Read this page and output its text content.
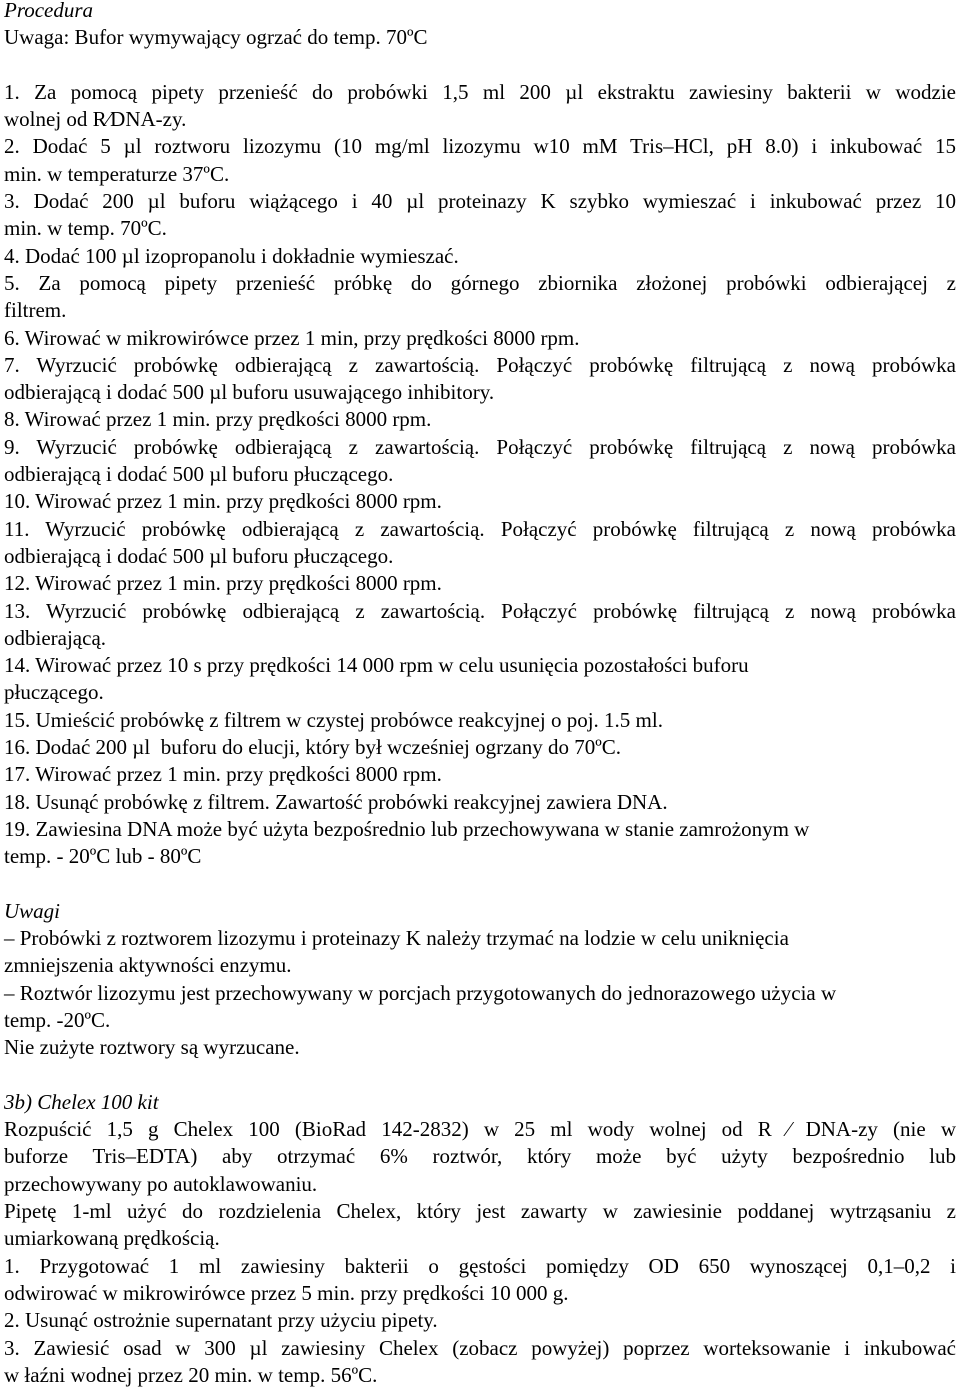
Procedura
Uwaga: Bufor wymywający ogrzać do temp. 70ºC
1. Za pomocą pipety przenieść do probówki 1,5 ml 200 µl ekstraktu zawiesiny bakterii w wodzie
wolnej od R⁄DNA-zy.
2. Dodać 5 µl roztworu lizozymu (10 mg/ml lizozymu w10 mM Tris–HCl, pH 8.0) i inkubować 15
min. w temperaturze 37ºC.
3. Dodać 200 µl buforu wiążącego i 40 µl proteinazy K szybko wymieszać i inkubować przez 10
min. w temp. 70ºC.
4. Dodać 100 µl izopropanolu i dokładnie wymieszać.
5. Za pomocą pipety przenieść próbkę do górnego zbiornika złożonej probówki odbierającej z
filtrem.
6. Wirować w mikrowirówce przez 1 min, przy prędkości 8000 rpm.
7. Wyrzucić probówkę odbierającą z zawartością. Połączyć probówkę filtrującą z nową probówka
odbierającą i dodać 500 µl buforu usuwającego inhibitory.
8. Wirować przez 1 min. przy prędkości 8000 rpm.
9. Wyrzucić probówkę odbierającą z zawartością. Połączyć probówkę filtrującą z nową probówka
odbierającą i dodać 500 µl buforu płuczącego.
10. Wirować przez 1 min. przy prędkości 8000 rpm.
11. Wyrzucić probówkę odbierającą z zawartością. Połączyć probówkę filtrującą z nową probówka
odbierającą i dodać 500 µl buforu płuczącego.
12. Wirować przez 1 min. przy prędkości 8000 rpm.
13. Wyrzucić probówkę odbierającą z zawartością. Połączyć probówkę filtrującą z nową probówka
odbierającą.
14. Wirować przez 10 s przy prędkości 14 000 rpm w celu usunięcia pozostałości buforu
płuczącego.
15. Umieścić probówkę z filtrem w czystej probówce reakcyjnej o poj. 1.5 ml.
16. Dodać 200 µl  buforu do elucji, który był wcześniej ogrzany do 70ºC.
17. Wirować przez 1 min. przy prędkości 8000 rpm.
18. Usunąć probówkę z filtrem. Zawartość probówki reakcyjnej zawiera DNA.
19. Zawiesina DNA może być użyta bezpośrednio lub przechowywana w stanie zamrożonym w
temp. - 20ºC lub - 80ºC
Uwagi
– Probówki z roztworem lizozymu i proteinazy K należy trzymać na lodzie w celu uniknięcia
zmniejszenia aktywności enzymu.
– Roztwór lizozymu jest przechowywany w porcjach przygotowanych do jednorazowego użycia w
temp. -20ºC.
Nie zużyte roztwory są wyrzucane.
3b) Chelex 100 kit
Rozpuścić 1,5 g Chelex 100 (BioRad 142-2832) w 25 ml wody wolnej od R ⁄ DNA-zy (nie w
buforze Tris–EDTA) aby otrzymać 6% roztwór, który może być użyty bezpośrednio lub
przechowywany po autoklawowaniu.
Pipetę 1-ml użyć do rozdzielenia Chelex, który jest zawarty w zawiesinie poddanej wytrząsaniu z
umiarkowaną prędkością.
1. Przygotować 1 ml zawiesiny bakterii o gęstości pomiędzy OD 650 wynoszącej 0,1–0,2 i
odwirować w mikrowirówce przez 5 min. przy prędkości 10 000 g.
2. Usunąć ostrożnie supernatant przy użyciu pipety.
3. Zawiesić osad w 300 µl zawiesiny Chelex (zobacz powyżej) poprzez worteksowanie i inkubować
w łaźni wodnej przez 20 min. w temp. 56ºC.
